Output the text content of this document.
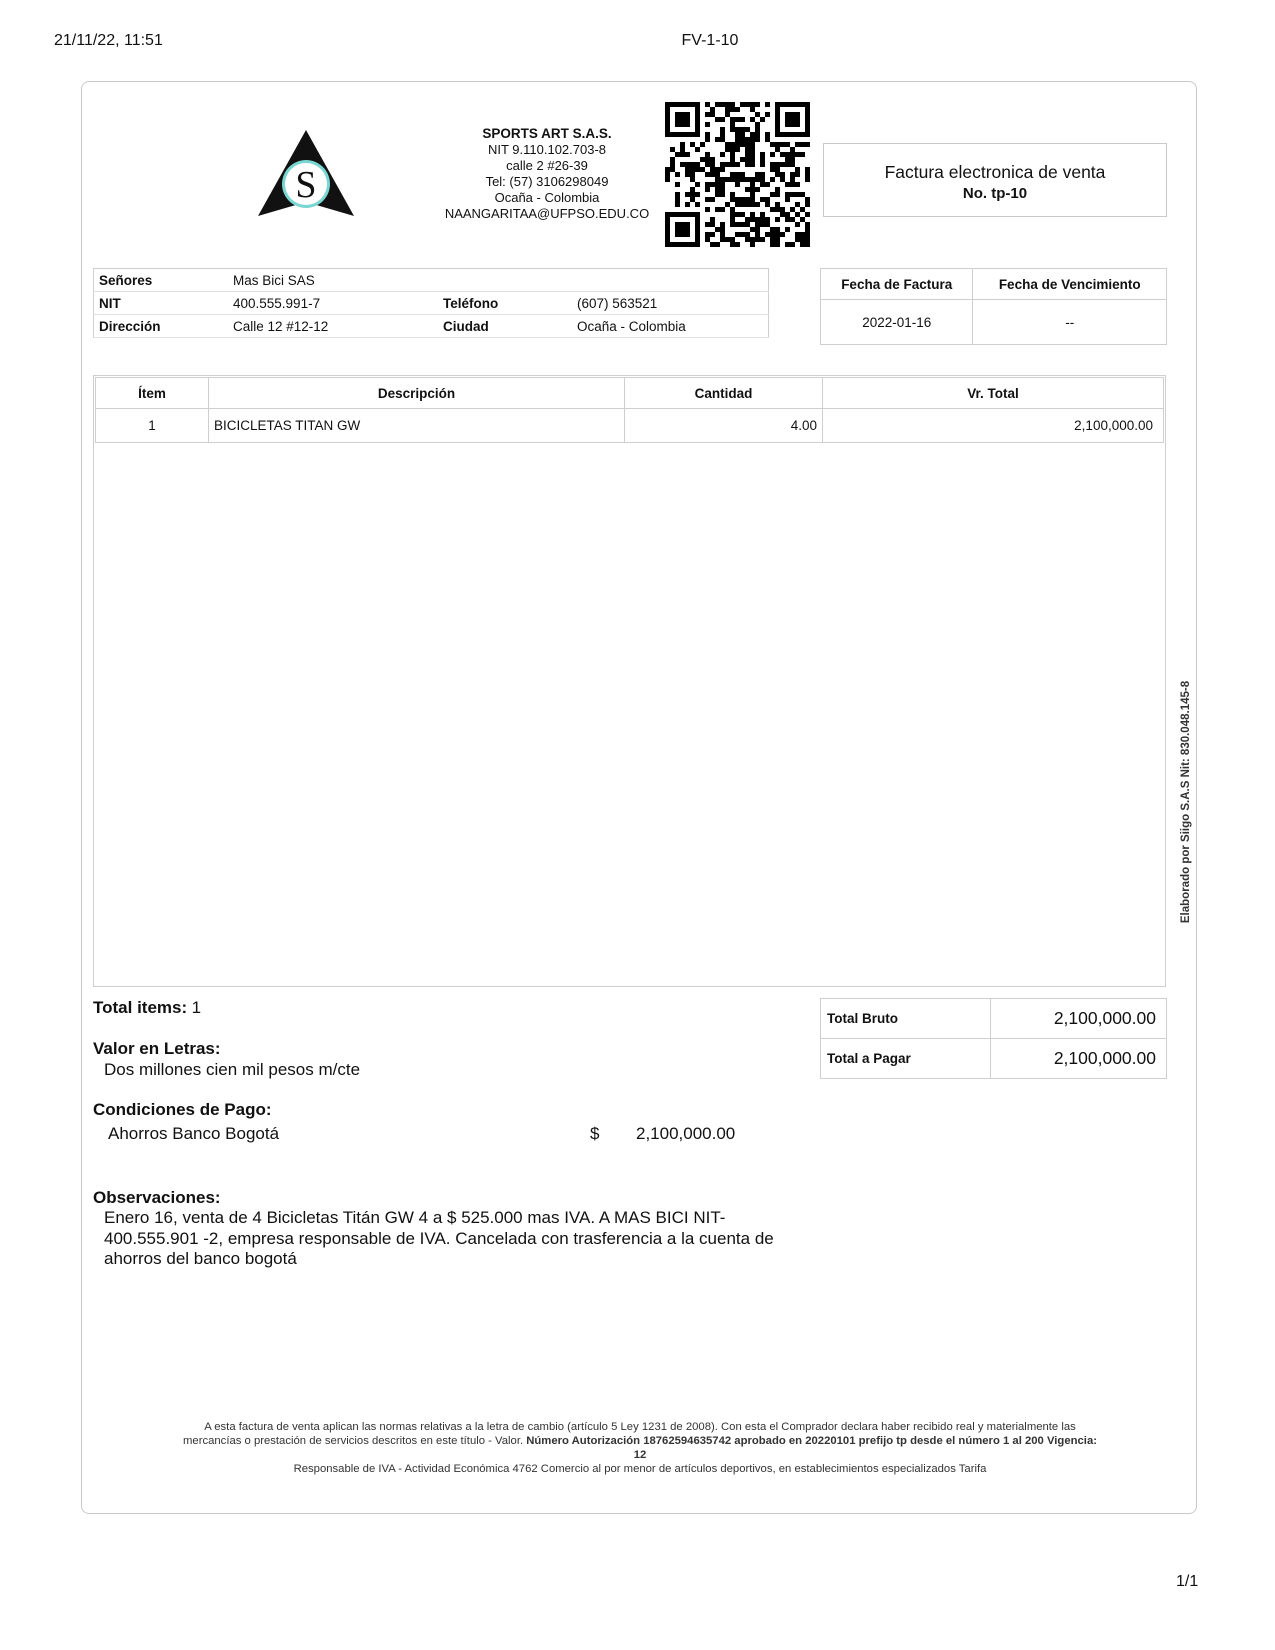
21/11/22, 11:51	FV-1-10
1/1
S
SPORTS ART S.A.S.
NIT 9.110.102.703-8
calle 2 #26-39
Tel: (57) 3106298049
Ocaña - Colombia
NAANGARITAA@UFPSO.EDU.CO
Factura electronica de venta
No. tp-10
Señores	Mas Bici SAS		
NIT	400.555.991-7	Teléfono	(607) 563521
Dirección	Calle 12 #12-12	Ciudad	Ocaña - Colombia
Fecha de Factura	Fecha de Vencimiento
2022-01-16	--
Ítem	Descripción	Cantidad	Vr. Total
1	BICICLETAS TITAN GW	4.00	2,100,000.00
Total items: 1
Valor en Letras:
Dos millones cien mil pesos m/cte
Condiciones de Pago:
Ahorros Banco Bogotá	$ 2,100,000.00
Observaciones:
Enero 16, venta de 4 Bicicletas Titán GW 4 a $ 525.000 mas IVA. A MAS BICI NIT-
400.555.901 -2, empresa responsable de IVA. Cancelada con trasferencia a la cuenta de
ahorros del banco bogotá
Total Bruto	2,100,000.00
Total a Pagar	2,100,000.00
A esta factura de venta aplican las normas relativas a la letra de cambio (artículo 5 Ley 1231 de 2008). Con esta el Comprador declara haber recibido real y materialmente las
mercancías o prestación de servicios descritos en este título - Valor. Número Autorización 18762594635742 aprobado en 20220101 prefijo tp desde el número 1 al 200 Vigencia:
12
Responsable de IVA - Actividad Económica 4762 Comercio al por menor de artículos deportivos, en establecimientos especializados Tarifa
Elaborado por Siigo S.A.S Nit: 830.048.145-8
